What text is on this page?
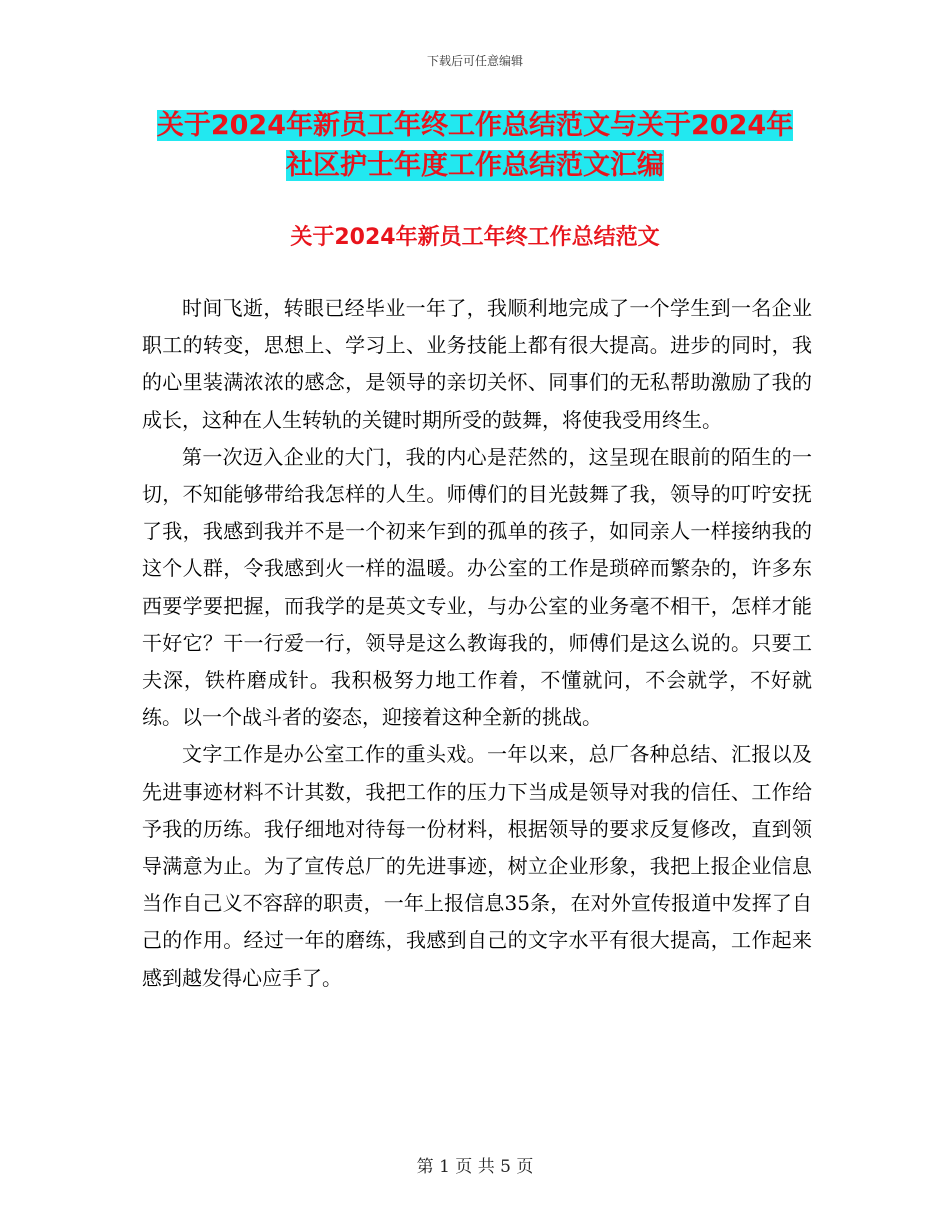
下载后可任意编辑
关于2024年新员工年终工作总结范文与关于2024年
社区护士年度工作总结范文汇编
关于2024年新员工年终工作总结范文

时间飞逝，转眼已经毕业一年了，我顺利地完成了一个学生到一名企业职工的转变，思想上、学习上、业务技能上都有很大提高。进步的同时，我的心里装满浓浓的感念，是领导的亲切关怀、同事们的无私帮助激励了我的成长，这种在人生转轨的关键时期所受的鼓舞，将使我受用终生。

第一次迈入企业的大门，我的内心是茫然的，这呈现在眼前的陌生的一切，不知能够带给我怎样的人生。师傅们的目光鼓舞了我，领导的叮咛安抚了我，我感到我并不是一个初来乍到的孤单的孩子，如同亲人一样接纳我的这个人群，令我感到火一样的温暖。办公室的工作是琐碎而繁杂的，许多东西要学要把握，而我学的是英文专业，与办公室的业务毫不相干，怎样才能干好它？干一行爱一行，领导是这么教诲我的，师傅们是这么说的。只要工夫深，铁杵磨成针。我积极努力地工作着，不懂就问，不会就学，不好就练。以一个战斗者的姿态，迎接着这种全新的挑战。

文字工作是办公室工作的重头戏。一年以来，总厂各种总结、汇报以及先进事迹材料不计其数，我把工作的压力下当成是领导对我的信任、工作给予我的历练。我仔细地对待每一份材料，根据领导的要求反复修改，直到领导满意为止。为了宣传总厂的先进事迹，树立企业形象，我把上报企业信息当作自己义不容辞的职责，一年上报信息35条，在对外宣传报道中发挥了自己的作用。经过一年的磨练，我感到自己的文字水平有很大提高，工作起来感到越发得心应手了。

第 1 页 共 5 页
